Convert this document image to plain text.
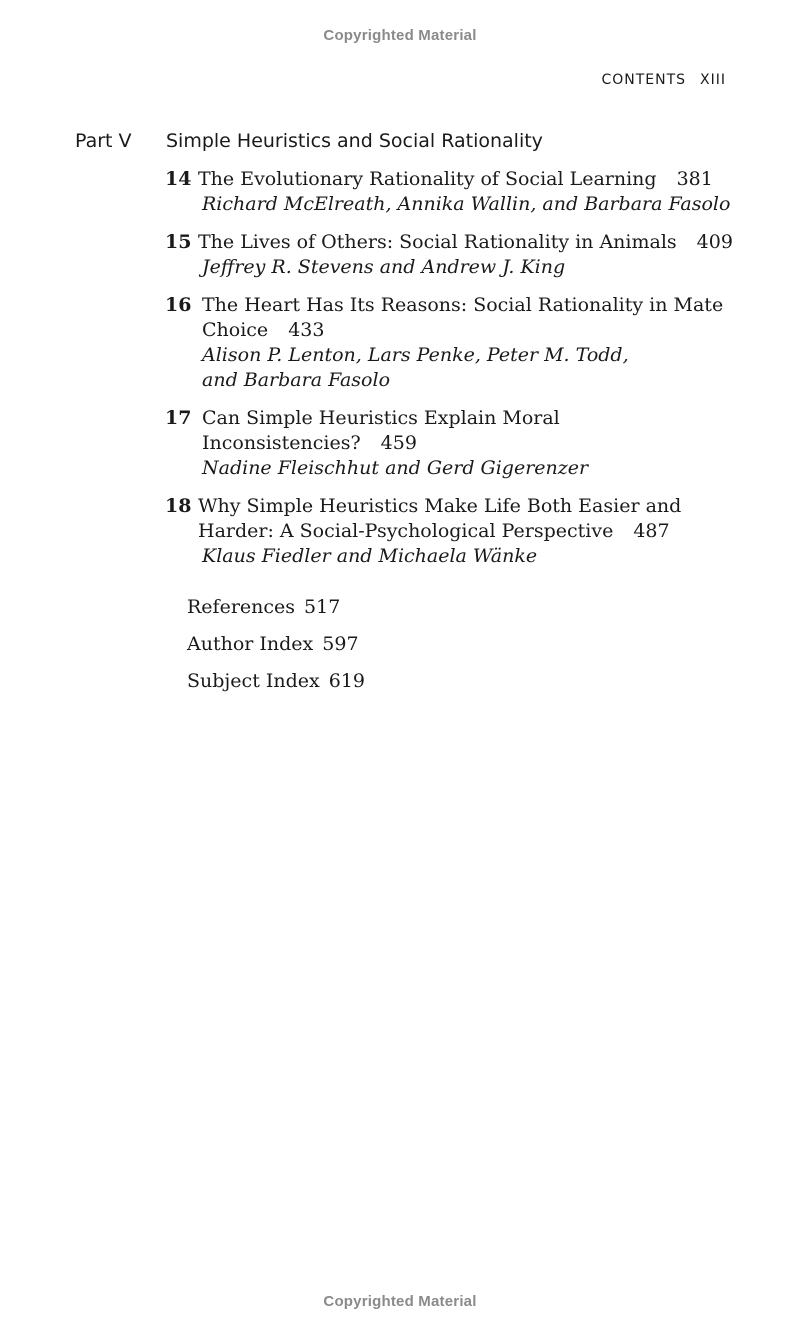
Copyrighted Material
CONTENTS XIII
Part V Simple Heuristics and Social Rationality
14 The Evolutionary Rationality of Social Learning 381
Richard McElreath, Annika Wallin, and Barbara Fasolo
15 The Lives of Others: Social Rationality in Animals 409
Jeffrey R. Stevens and Andrew J. King
16 The Heart Has Its Reasons: Social Rationality in Mate
Choice 433
Alison P. Lenton, Lars Penke, Peter M. Todd,
and Barbara Fasolo
17 Can Simple Heuristics Explain Moral
Inconsistencies? 459
Nadine Fleischhut and Gerd Gigerenzer
18 Why Simple Heuristics Make Life Both Easier and
Harder: A Social-Psychological Perspective 487
Klaus Fiedler and Michaela Wänke
References 517
Author Index 597
Subject Index 619
Copyrighted Material
